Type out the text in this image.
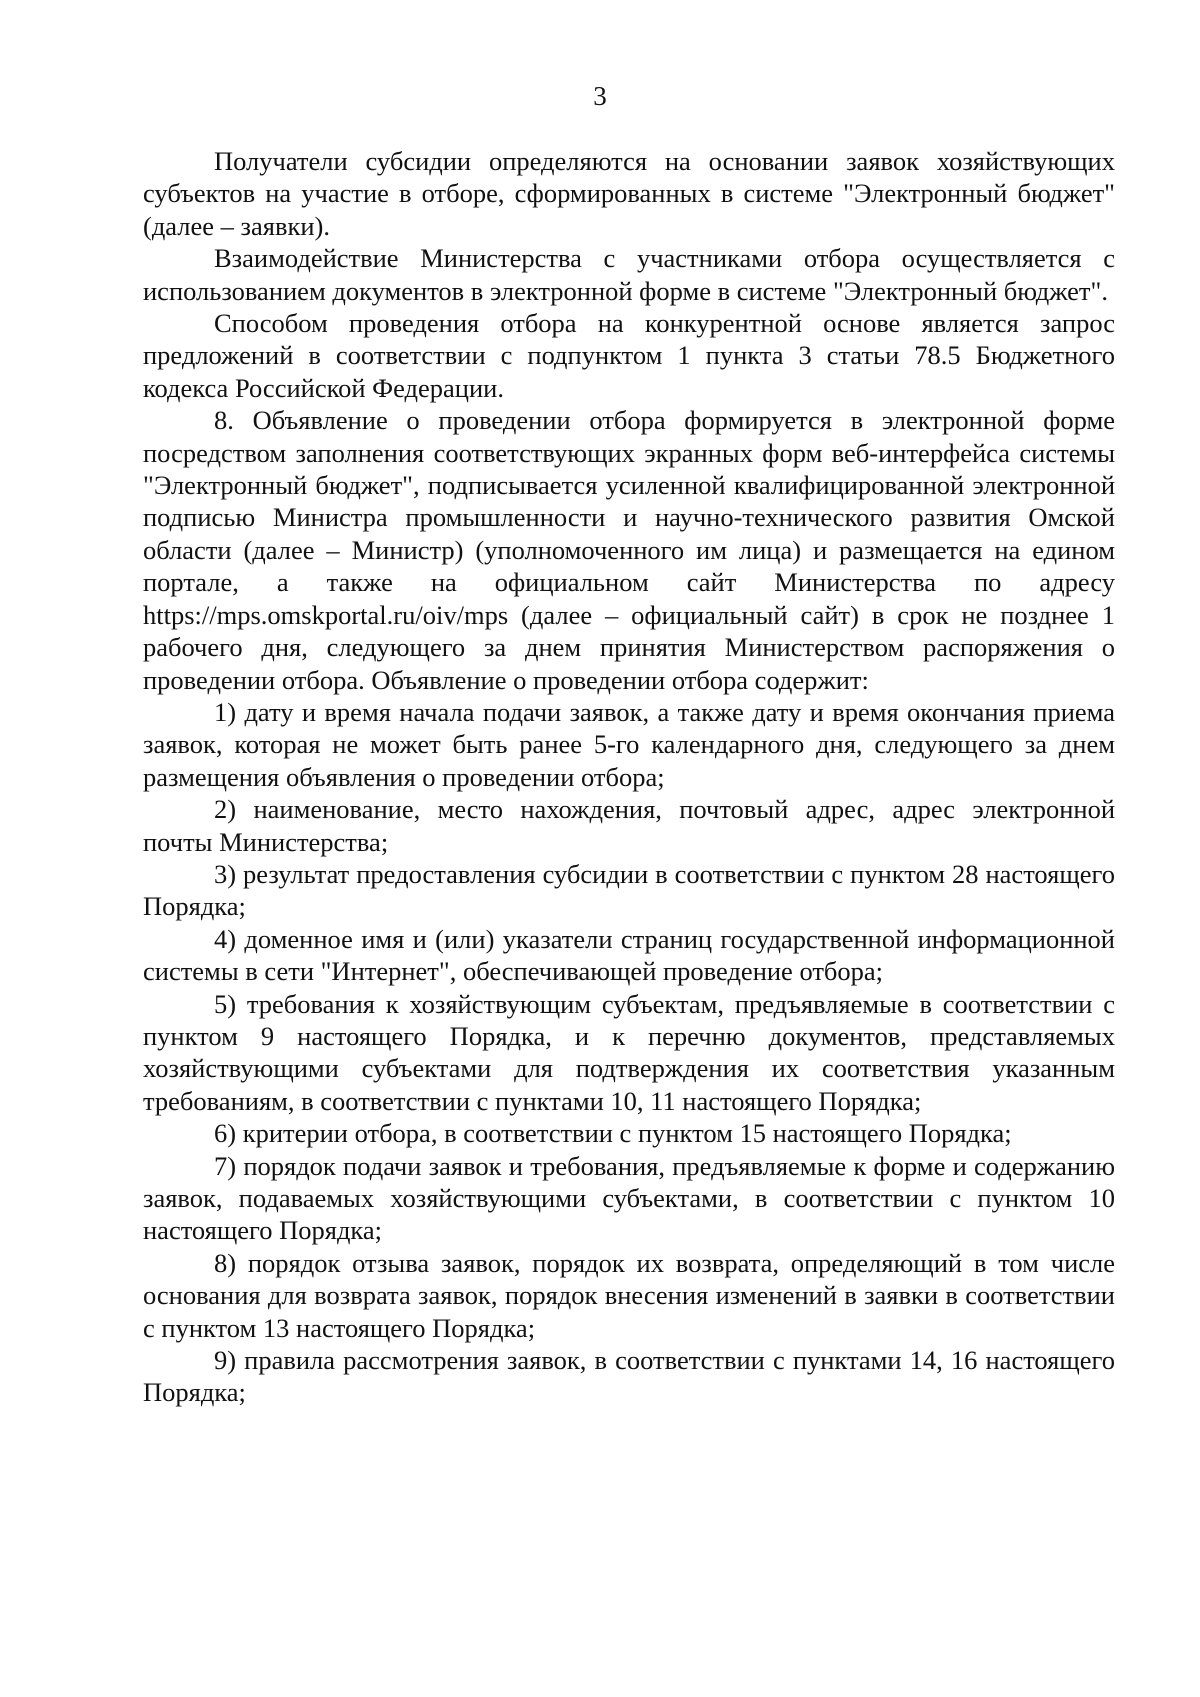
3

Получатели субсидии определяются на основании заявок хозяйствующих субъектов на участие в отборе, сформированных в системе "Электронный бюджет" (далее – заявки).

Взаимодействие Министерства с участниками отбора осуществляется с использованием документов в электронной форме в системе "Электронный бюджет".

Способом проведения отбора на конкурентной основе является запрос предложений в соответствии с подпунктом 1 пункта 3 статьи 78.5 Бюджетного кодекса Российской Федерации.

8. Объявление о проведении отбора формируется в электронной форме посредством заполнения соответствующих экранных форм веб-интерфейса системы "Электронный бюджет", подписывается усиленной квалифицированной электронной подписью Министра промышленности и научно-технического развития Омской области (далее – Министр) (уполномоченного им лица) и размещается на едином портале, а также на официальном сайт Министерства по адресу https://mps.omskportal.ru/oiv/mps (далее – официальный сайт) в срок не позднее 1 рабочего дня, следующего за днем принятия Министерством распоряжения о проведении отбора. Объявление о проведении отбора содержит:

1) дату и время начала подачи заявок, а также дату и время окончания приема заявок, которая не может быть ранее 5-го календарного дня, следующего за днем размещения объявления о проведении отбора;

2) наименование, место нахождения, почтовый адрес, адрес электронной почты Министерства;

3) результат предоставления субсидии в соответствии с пунктом 28 настоящего Порядка;

4) доменное имя и (или) указатели страниц государственной информационной системы в сети "Интернет", обеспечивающей проведение отбора;

5) требования к хозяйствующим субъектам, предъявляемые в соответствии с пунктом 9 настоящего Порядка, и к перечню документов, представляемых хозяйствующими субъектами для подтверждения их соответствия указанным требованиям, в соответствии с пунктами 10, 11 настоящего Порядка;

6) критерии отбора, в соответствии с пунктом 15 настоящего Порядка;

7) порядок подачи заявок и требования, предъявляемые к форме и содержанию заявок, подаваемых хозяйствующими субъектами, в соответствии с пунктом 10 настоящего Порядка;

8) порядок отзыва заявок, порядок их возврата, определяющий в том числе основания для возврата заявок, порядок внесения изменений в заявки в соответствии с пунктом 13 настоящего Порядка;

9) правила рассмотрения заявок, в соответствии с пунктами 14, 16 настоящего Порядка;
